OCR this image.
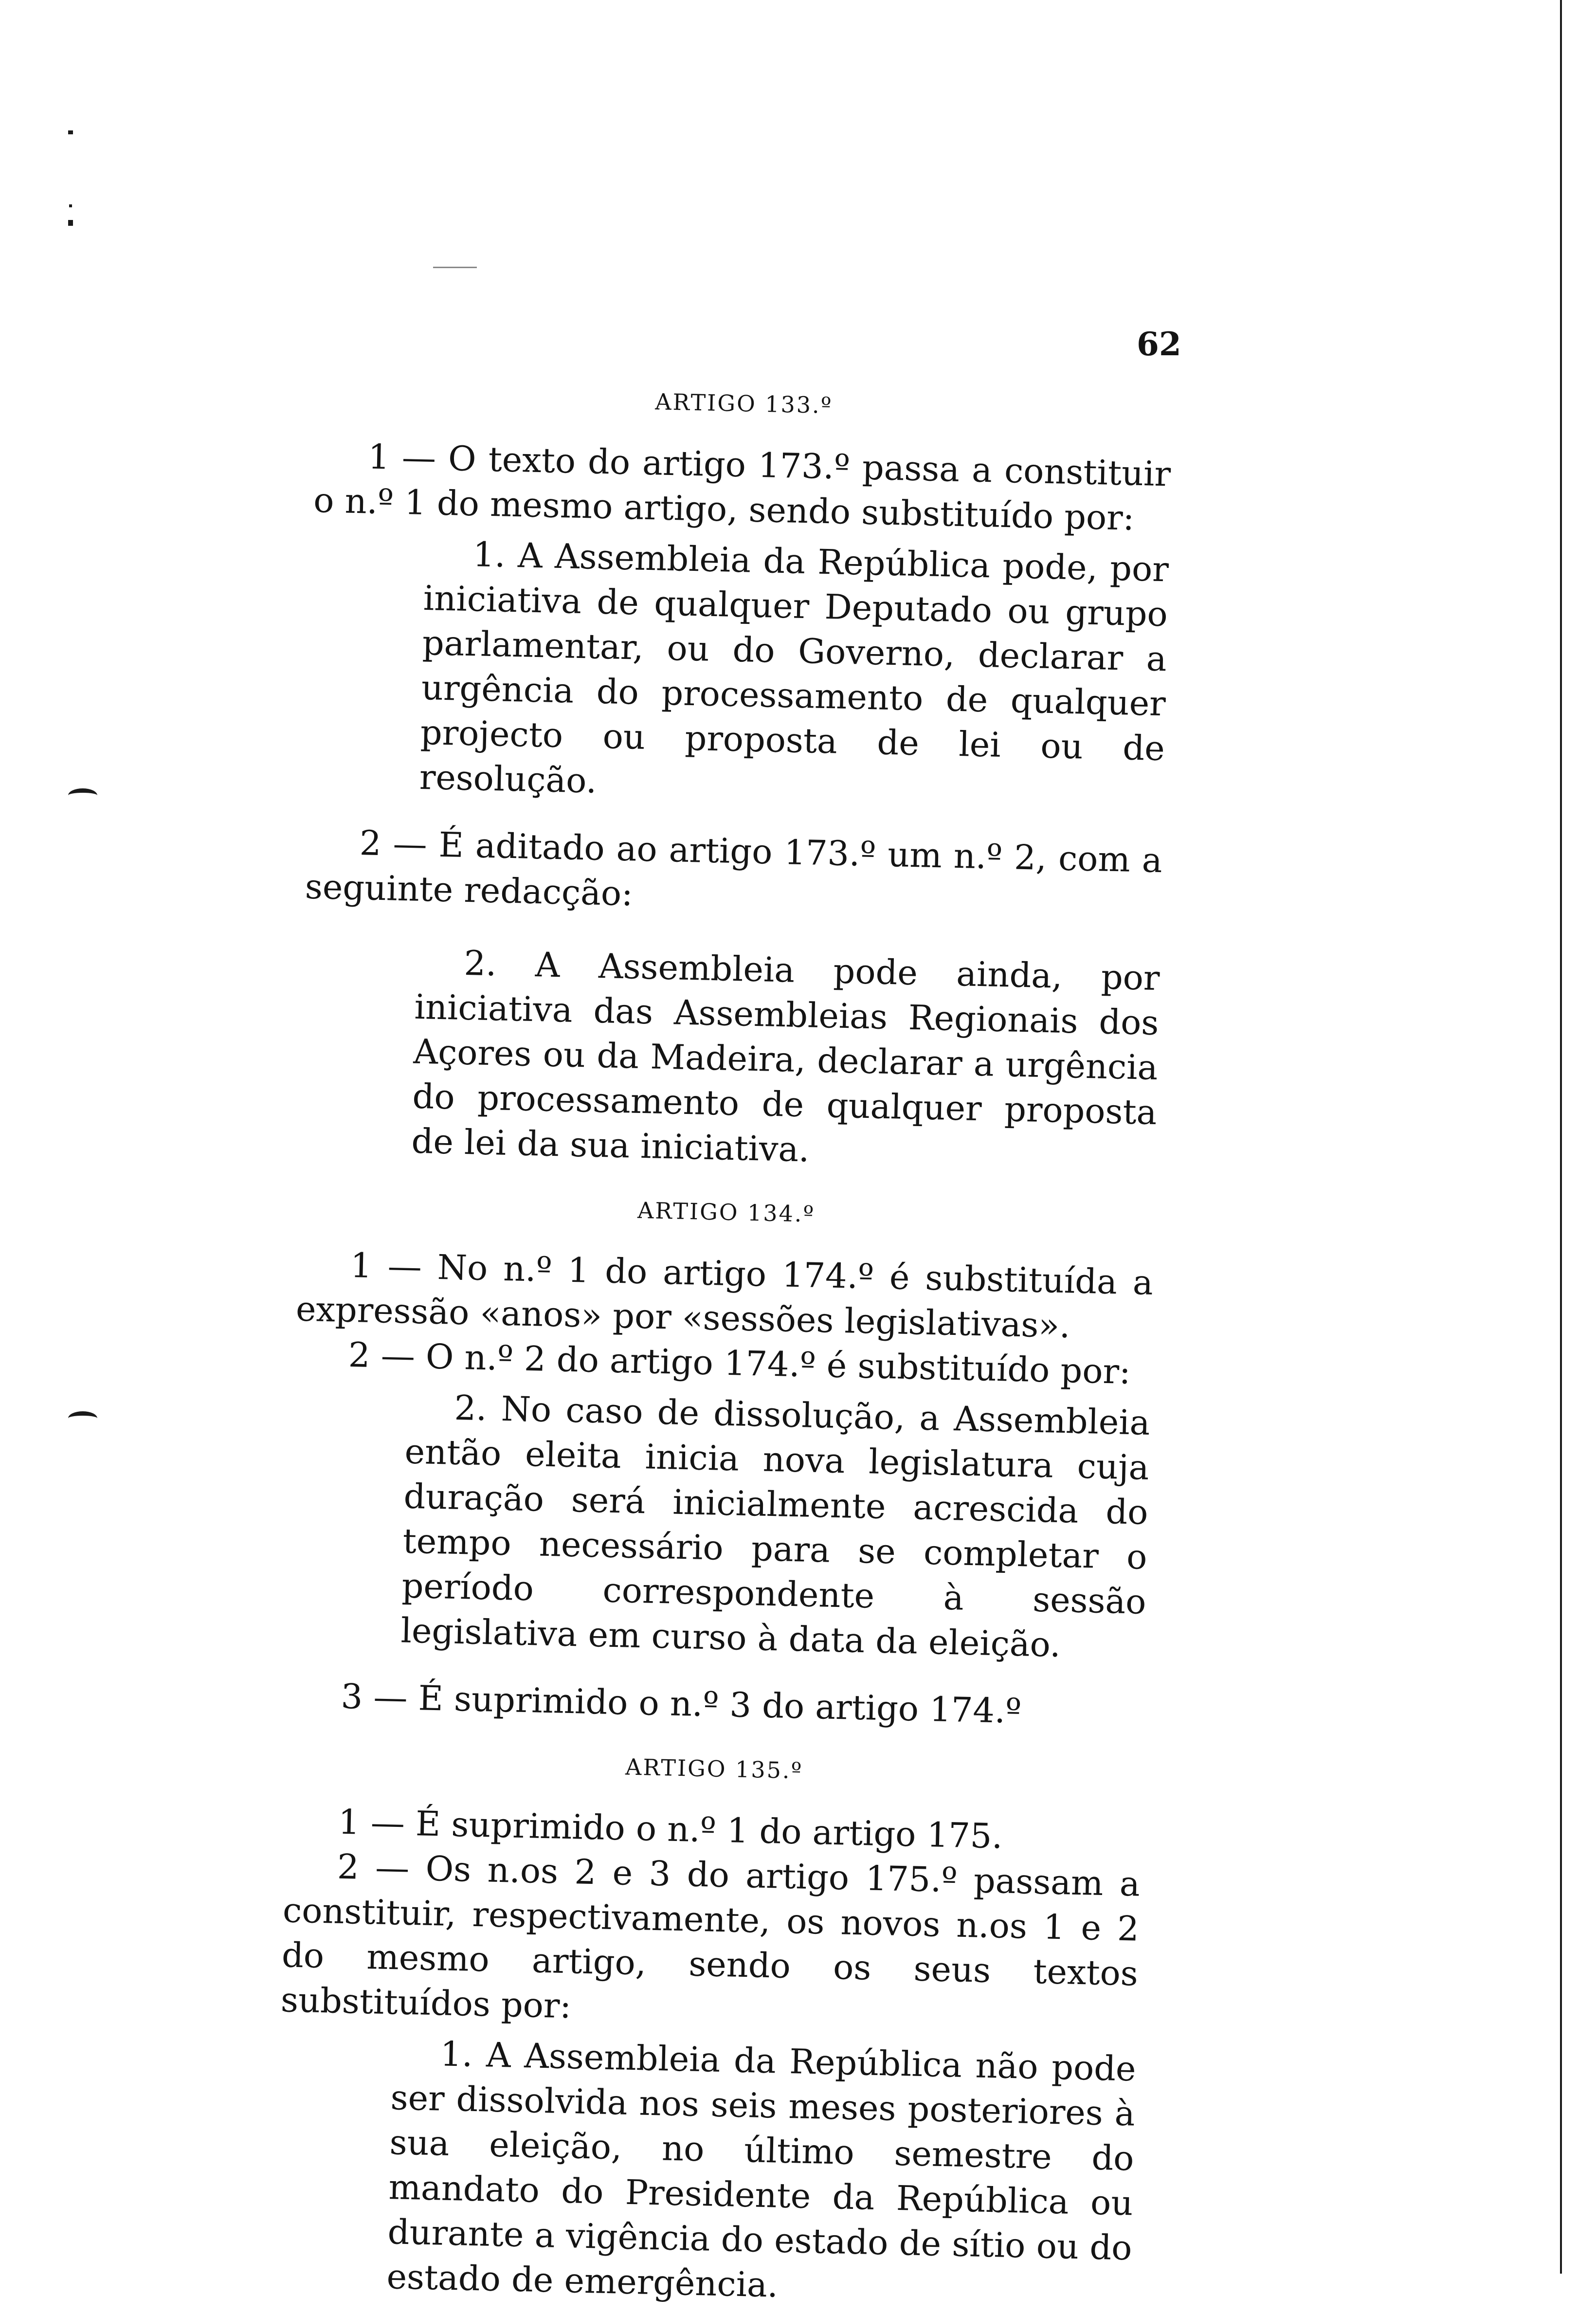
62
ARTIGO 133.º

1 — O texto do artigo 173.º passa a constituir o n.º 1 do mesmo artigo, sendo substituído por:

1. A Assembleia da República pode, por iniciativa de qualquer Deputado ou grupo parlamentar, ou do Governo, declarar a urgência do processamento de qualquer projecto ou proposta de lei ou de resolução.

2 — É aditado ao artigo 173.º um n.º 2, com a seguinte redacção:

2. A Assembleia pode ainda, por iniciativa das Assembleias Regionais dos Açores ou da Madeira, declarar a urgência do processamento de qualquer proposta de lei da sua iniciativa.

ARTIGO 134.º

1 — No n.º 1 do artigo 174.º é substituída a expressão «anos» por «sessões legislativas».

2 — O n.º 2 do artigo 174.º é substituído por:

2. No caso de dissolução, a Assembleia então eleita inicia nova legislatura cuja duração será inicialmente acrescida do tempo necessário para se completar o período correspondente à sessão legislativa em curso à data da eleição.

3 — É suprimido o n.º 3 do artigo 174.º

ARTIGO 135.º

1 — É suprimido o n.º 1 do artigo 175.

2 — Os n.os 2 e 3 do artigo 175.º passam a constituir, respectivamente, os novos n.os 1 e 2 do mesmo artigo, sendo os seus textos substituídos por:

1. A Assembleia da República não pode ser dissolvida nos seis meses posteriores à sua eleição, no último semestre do mandato do Presidente da República ou durante a vigência do estado de sítio ou do estado de emergência.
